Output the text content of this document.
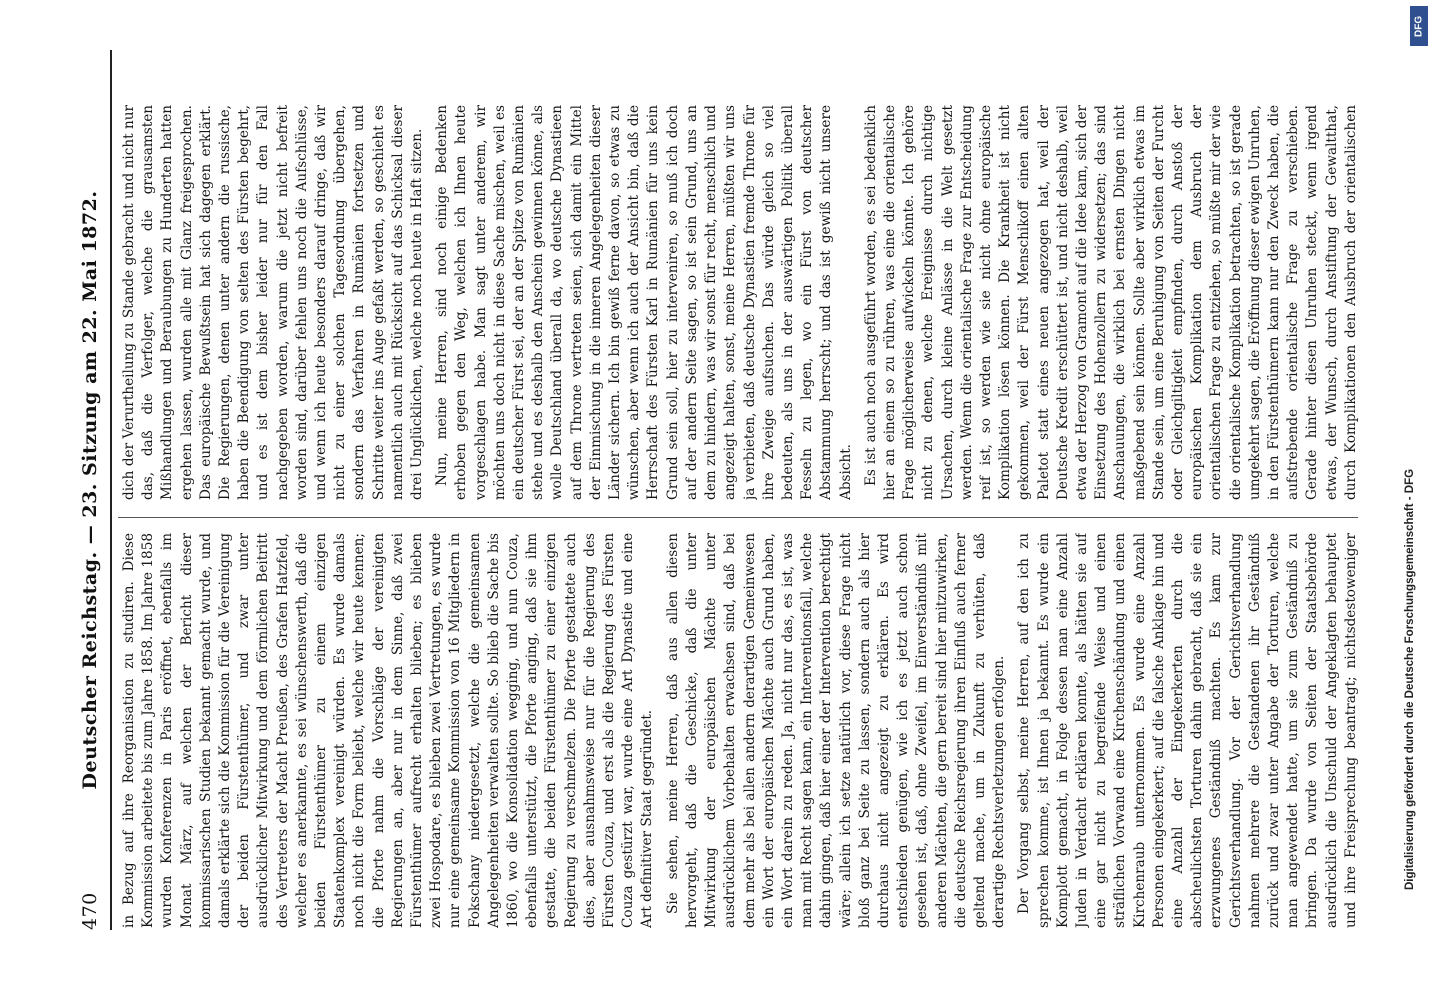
470
Deutscher Reichstag. — 23. Sitzung am 22. Mai 1872. in Bezug auf ihre Reorganisation zu studiren. Diese Kommission arbeitete bis zum Jahre 1858. Im Jahre 1858 wurden Konferenzen in Paris eröffnet, ebenfalls im Monat März, auf welchen der Bericht dieser kommissarischen Studien bekannt gemacht wurde, und damals erklärte sich die Kommission für die Vereinigung der beiden Fürstenthümer, und zwar unter ausdrücklicher Mitwirkung und dem förmlichen Beitritt des Vertreters der Macht Preußen, des Grafen Hatzfeld, welcher es anerkannte, es sei wünschenswerth, daß die beiden Fürstenthümer zu einem einzigen Staatenkomplex vereinigt würden. Es wurde damals noch nicht die Form beliebt, welche wir heute kennen; die Pforte nahm die Vorschläge der vereinigten Regierungen an, aber nur in dem Sinne, daß zwei Fürstenthümer aufrecht erhalten blieben; es blieben zwei Hospodare, es blieben zwei Vertretungen, es wurde nur eine gemeinsame Kommission von 16 Mitgliedern in Fokschany niedergesetzt, welche die gemeinsamen Angelegenheiten verwalten sollte. So blieb die Sache bis 1860, wo die Konsolidation wegging, und nun Couza, ebenfalls unterstützt, die Pforte anging, daß sie ihm gestatte, die beiden Fürstenthümer zu einer einzigen Regierung zu verschmelzen. Die Pforte gestattete auch dies, aber ausnahmsweise nur für die Regierung des Fürsten Couza, und erst als die Regierung des Fürsten Couza gestürzt war, wurde eine Art Dynastie und eine Art definitiver Staat gegründet. Sie sehen, meine Herren, daß aus allen diesen hervorgeht, daß die Geschicke, daß die unter Mitwirkung der europäischen Mächte unter ausdrücklichem Vorbehalten erwachsen sind, daß bei dem mehr als bei allen andern derartigen Gemeinwesen ein Wort der europäischen Mächte auch Grund haben, ein Wort darein zu reden. Ja, nicht nur das, es ist, was man mit Recht sagen kann, ein Interventionsfall, welche dahin gingen, daß hier einer der Intervention berechtigt wäre; allein ich setze natürlich vor, diese Frage nicht bloß ganz bei Seite zu lassen, sondern auch als hier durchaus nicht angezeigt zu erklären. Es wird entschieden genügen, wie ich es jetzt auch schon gesehen ist, daß, ohne Zweifel, im Einverständniß mit anderen Mächten, die gern bereit sind hier mitzuwirken, die deutsche Reichsregierung ihren Einfluß auch ferner geltend mache, um in Zukunft zu verhüten, daß derartige Rechtsverletzungen erfolgen. Der Vorgang selbst, meine Herren, auf den ich zu sprechen komme, ist Ihnen ja bekannt. Es wurde ein Komplott gemacht, in Folge dessen man eine Anzahl Juden in Verdacht erklären konnte, als hätten sie auf eine gar nicht zu begreifende Weise und einen sträflichen Vorwand eine Kirchenschändung und einen Kirchenraub unternommen. Es wurde eine Anzahl Personen eingekerkert; auf die falsche Anklage hin und eine Anzahl der Eingekerkerten durch die abscheulichsten Torturen dahin gebracht, daß sie ein erzwungenes Geständniß machten. Es kam zur Gerichtsverhandlung. Vor der Gerichtsverhandlung nahmen mehrere die Gestandenen ihr Geständniß zurück und zwar unter Angabe der Torturen, welche man angewendet hatte, um sie zum Geständniß zu bringen. Da wurde von Seiten der Staatsbehörde ausdrücklich die Unschuld der Angeklagten behauptet und ihre Freisprechung beantragt; nichtsdestoweniger

dich der Verurtheilung zu Stande gebracht und nicht nur das, daß die Verfolger, welche die grausamsten Mißhandlungen und Beraubungen zu Hunderten hatten ergehen lassen, wurden alle mit Glanz freigesprochen. Das europäische Bewußtsein hat sich dagegen erklärt. Die Regierungen, denen unter andern die russische, haben die Beendigung von selten des Fürsten begehrt, und es ist dem bisher leider nur für den Fall nachgegeben worden, warum die jetzt nicht befreit worden sind, darüber fehlen uns noch die Aufschlüsse, und wenn ich heute besonders darauf dringe, daß wir nicht zu einer solchen Tagesordnung übergehen, sondern das Verfahren in Rumänien fortsetzen und Schritte weiter ins Auge gefaßt werden, so geschieht es namentlich auch mit Rücksicht auf das Schicksal dieser drei Unglücklichen, welche noch heute in Haft sitzen. Nun, meine Herren, sind noch einige Bedenken erhoben gegen den Weg, welchen ich Ihnen heute vorgeschlagen habe. Man sagt unter anderem, wir möchten uns doch nicht in diese Sache mischen, weil es ein deutscher Fürst sei, der an der Spitze von Rumänien stehe und es deshalb den Anschein gewinnen könne, als wolle Deutschland überall da, wo deutsche Dynastieen auf dem Throne vertreten seien, sich damit ein Mittel der Einmischung in die inneren Angelegenheiten dieser Länder sichern. Ich bin gewiß ferne davon, so etwas zu wünschen, aber wenn ich auch der Ansicht bin, daß die Herrschaft des Fürsten Karl in Rumänien für uns kein Grund sein soll, hier zu interveniren, so muß ich doch auf der andern Seite sagen, so ist sein Grund, uns an dem zu hindern, was wir sonst für recht, menschlich und angezeigt halten, sonst, meine Herren, müßten wir uns ja verbieten, daß deutsche Dynastien fremde Throne für ihre Zweige aufsuchen. Das würde gleich so viel bedeuten, als uns in der auswärtigen Politik überall Fesseln zu legen, wo ein Fürst von deutscher Abstammung herrscht; und das ist gewiß nicht unsere Absicht. Es ist auch noch ausgeführt worden, es sei bedenklich hier an einem so zu rühren, was eine die orientalische Frage möglicherweise aufwickeln könnte. Ich gehöre nicht zu denen, welche Ereignisse durch nichtige Ursachen, durch kleine Anlässe in die Welt gesetzt werden. Wenn die orientalische Frage zur Entscheidung reif ist, so werden wie sie nicht ohne europäische Komplikation lösen können. Die Krankheit ist nicht gekommen, weil der Fürst Menschikoff einen alten Paletot statt eines neuen angezogen hat, weil der Deutsche Kredit erschüttert ist, und nicht deshalb, weil etwa der Herzog von Gramont auf die Idee kam, sich der Einsetzung des Hohenzollern zu widersetzen; das sind Anschauungen, die wirklich bei ernsten Dingen nicht maßgebend sein können. Sollte aber wirklich etwas im Stande sein, um eine Beruhigung von Seiten der Furcht oder Gleichgiltigkeit empfinden, durch Anstoß der europäischen Komplikation dem Ausbruch der orientalischen Frage zu entziehen, so müßte mir der wie die orientalische Komplikation betrachten, so ist gerade umgekehrt sagen, die Eröffnung dieser ewigen Unruhen, in den Fürstenthümern kann nur den Zweck haben, die aufstrebende orientalische Frage zu verschieben. Gerade hinter diesen Unruhen steckt, wenn irgend etwas, der Wunsch, durch Anstiftung der Gewaltthat, durch Komplikationen den Ausbruch der orientalischen

Digitalisierung gefördert durch die Deutsche Forschungsgemeinschaft - DFG
DFG
